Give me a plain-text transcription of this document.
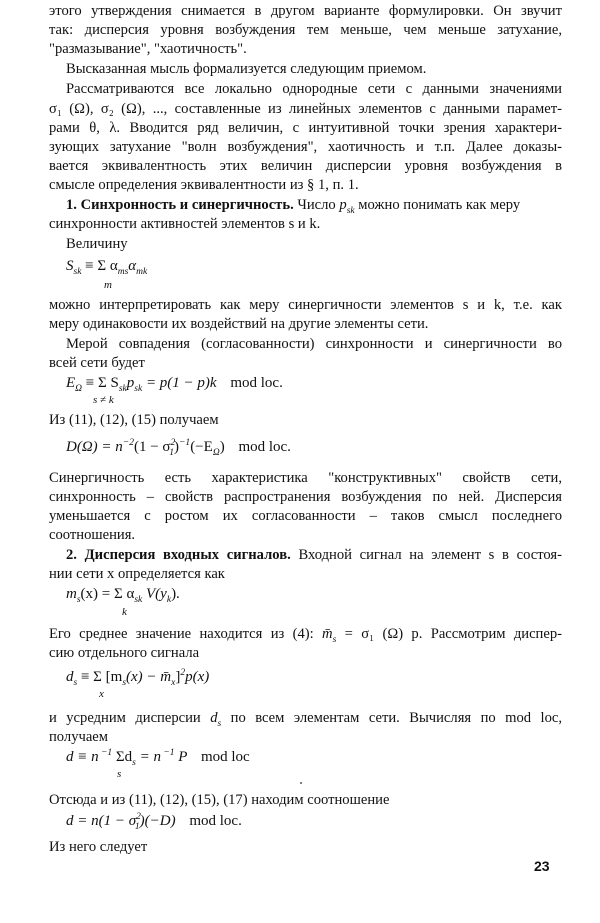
этого утверждения снимается в другом варианте формулировки. Он звучит
так: дисперсия уровня возбуждения тем меньше, чем меньше затухание,
"размазывание", "хаотичность".
Высказанная мысль формализуется следующим приемом.
Рассматриваются все локально однородные сети с данными значениями
σ₁ (Ω), σ₂ (Ω), ..., составленные из линейных элементов с данными парамет-
рами θ, λ. Вводится ряд величин, с интуитивной точки зрения характери-
зующих затухание "волн возбуждения", хаотичность и т.п. Далее доказы-
вается эквивалентность этих величин дисперсии уровня возбуждения в
смысле определения эквивалентности из § 1, п. 1.
1. Синхронность и синергичность. Число $p_{sk}$ можно понимать как меру
синхронности активностей элементов s и k.
Величину
$S_{sk} \equiv \Sigma$ $\alpha_{ms}\alpha_{mk}$
m
можно интерпретировать как меру синергичности элементов s и k, т.е. как
меру одинаковости их воздействий на другие элементы сети.
Мерой совпадения (согласованности) синхронности и синергичности во
всей сети будет
$E_\Omega \equiv \Sigma$ $S_{sk}p_{sk} = p(1 - p)k$ mod loc.
s ≠ k
Из (11), (12), (15) получаем
$D(\Omega) = n^{-2}(1 - \sigma^2_1)^{-1}(-E_\Omega)$ mod loc.
Синергичность есть характеристика "конструктивных" свойств сети,
синхронность – свойств распространения возбуждения по ней. Дисперсия
уменьшается с ростом их согласованности – таков смысл последнего
соотношения.
2. Дисперсия входных сигналов. Входной сигнал на элемент s в состоя-
нии сети x определяется как
$m_s(x) = \Sigma$ $\alpha_{sk}$ $V(y_k)$.
k
Его среднее значение находится из (4): $m̄_s = \sigma_1$ (Ω) p. Рассмотрим диспер-
сию отдельного сигнала
$d_s \equiv \Sigma$ [$m_s(x)$ − $m̄_x]^2p(x)$
x
и усредним дисперсии $d_s$ по всем элементам сети. Вычисляя по mod loc,
получаем
d ≡ n $^{-1}$ $\Sigma d_s = n$ $^{-1}$ P mod loc
s
Отсюда и из (11), (12), (15), (17) находим соотношение
$d = n(1 - \sigma^2_1)(-D)$ mod loc.
Из него следует
23
